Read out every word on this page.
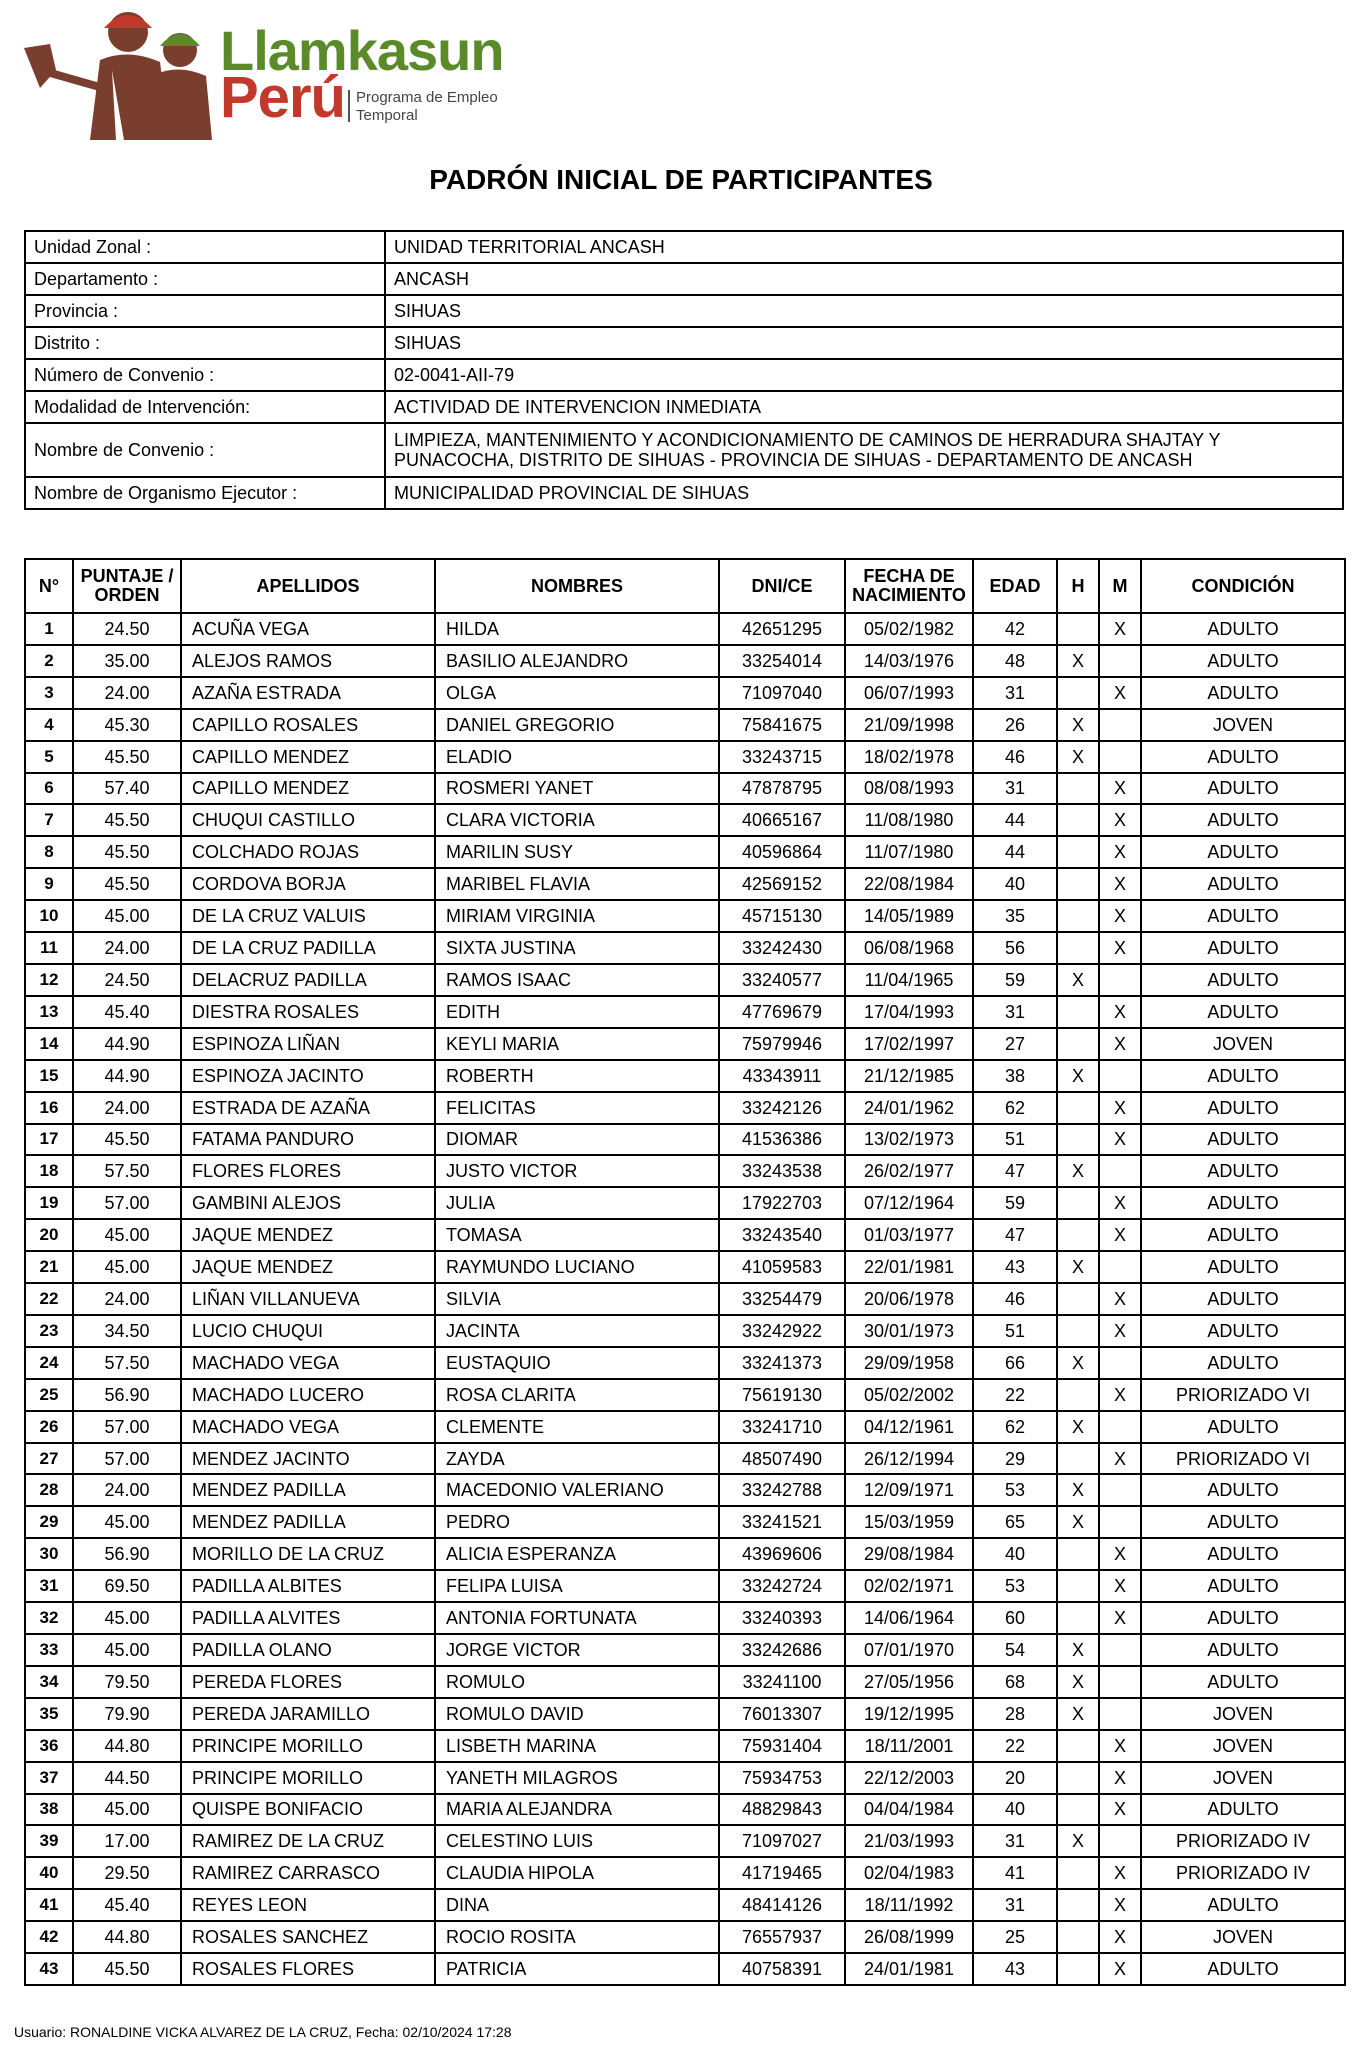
Llamkasun
Perú Programa de Empleo
Temporal
PADRÓN INICIAL DE PARTICIPANTES
Unidad Zonal :	UNIDAD TERRITORIAL ANCASH
Departamento :	ANCASH
Provincia :	SIHUAS
Distrito :	SIHUAS
Número de Convenio :	02-0041-AII-79
Modalidad de Intervención:	ACTIVIDAD DE INTERVENCION INMEDIATA
Nombre de Convenio :	LIMPIEZA, MANTENIMIENTO Y ACONDICIONAMIENTO DE CAMINOS DE HERRADURA SHAJTAY Y PUNACOCHA, DISTRITO DE SIHUAS - PROVINCIA DE SIHUAS - DEPARTAMENTO DE ANCASH
Nombre de Organismo Ejecutor :	MUNICIPALIDAD PROVINCIAL DE SIHUAS
N°	PUNTAJE / ORDEN	APELLIDOS	NOMBRES	DNI/CE	FECHA DE NACIMIENTO	EDAD	H	M	CONDICIÓN
1	24.50	ACUÑA VEGA	HILDA	42651295	05/02/1982	42		X	ADULTO
2	35.00	ALEJOS RAMOS	BASILIO ALEJANDRO	33254014	14/03/1976	48	X		ADULTO
3	24.00	AZAÑA ESTRADA	OLGA	71097040	06/07/1993	31		X	ADULTO
4	45.30	CAPILLO ROSALES	DANIEL GREGORIO	75841675	21/09/1998	26	X		JOVEN
5	45.50	CAPILLO MENDEZ	ELADIO	33243715	18/02/1978	46	X		ADULTO
6	57.40	CAPILLO MENDEZ	ROSMERI YANET	47878795	08/08/1993	31		X	ADULTO
7	45.50	CHUQUI CASTILLO	CLARA VICTORIA	40665167	11/08/1980	44		X	ADULTO
8	45.50	COLCHADO ROJAS	MARILIN SUSY	40596864	11/07/1980	44		X	ADULTO
9	45.50	CORDOVA BORJA	MARIBEL FLAVIA	42569152	22/08/1984	40		X	ADULTO
10	45.00	DE LA CRUZ VALUIS	MIRIAM VIRGINIA	45715130	14/05/1989	35		X	ADULTO
11	24.00	DE LA CRUZ PADILLA	SIXTA JUSTINA	33242430	06/08/1968	56		X	ADULTO
12	24.50	DELACRUZ PADILLA	RAMOS ISAAC	33240577	11/04/1965	59	X		ADULTO
13	45.40	DIESTRA ROSALES	EDITH	47769679	17/04/1993	31		X	ADULTO
14	44.90	ESPINOZA LIÑAN	KEYLI MARIA	75979946	17/02/1997	27		X	JOVEN
15	44.90	ESPINOZA JACINTO	ROBERTH	43343911	21/12/1985	38	X		ADULTO
16	24.00	ESTRADA DE AZAÑA	FELICITAS	33242126	24/01/1962	62		X	ADULTO
17	45.50	FATAMA PANDURO	DIOMAR	41536386	13/02/1973	51		X	ADULTO
18	57.50	FLORES FLORES	JUSTO VICTOR	33243538	26/02/1977	47	X		ADULTO
19	57.00	GAMBINI ALEJOS	JULIA	17922703	07/12/1964	59		X	ADULTO
20	45.00	JAQUE MENDEZ	TOMASA	33243540	01/03/1977	47		X	ADULTO
21	45.00	JAQUE MENDEZ	RAYMUNDO LUCIANO	41059583	22/01/1981	43	X		ADULTO
22	24.00	LIÑAN VILLANUEVA	SILVIA	33254479	20/06/1978	46		X	ADULTO
23	34.50	LUCIO CHUQUI	JACINTA	33242922	30/01/1973	51		X	ADULTO
24	57.50	MACHADO VEGA	EUSTAQUIO	33241373	29/09/1958	66	X		ADULTO
25	56.90	MACHADO LUCERO	ROSA CLARITA	75619130	05/02/2002	22		X	PRIORIZADO VI
26	57.00	MACHADO VEGA	CLEMENTE	33241710	04/12/1961	62	X		ADULTO
27	57.00	MENDEZ JACINTO	ZAYDA	48507490	26/12/1994	29		X	PRIORIZADO VI
28	24.00	MENDEZ PADILLA	MACEDONIO VALERIANO	33242788	12/09/1971	53	X		ADULTO
29	45.00	MENDEZ PADILLA	PEDRO	33241521	15/03/1959	65	X		ADULTO
30	56.90	MORILLO DE LA CRUZ	ALICIA ESPERANZA	43969606	29/08/1984	40		X	ADULTO
31	69.50	PADILLA ALBITES	FELIPA LUISA	33242724	02/02/1971	53		X	ADULTO
32	45.00	PADILLA ALVITES	ANTONIA FORTUNATA	33240393	14/06/1964	60		X	ADULTO
33	45.00	PADILLA OLANO	JORGE VICTOR	33242686	07/01/1970	54	X		ADULTO
34	79.50	PEREDA FLORES	ROMULO	33241100	27/05/1956	68	X		ADULTO
35	79.90	PEREDA JARAMILLO	ROMULO DAVID	76013307	19/12/1995	28	X		JOVEN
36	44.80	PRINCIPE MORILLO	LISBETH MARINA	75931404	18/11/2001	22		X	JOVEN
37	44.50	PRINCIPE MORILLO	YANETH MILAGROS	75934753	22/12/2003	20		X	JOVEN
38	45.00	QUISPE BONIFACIO	MARIA ALEJANDRA	48829843	04/04/1984	40		X	ADULTO
39	17.00	RAMIREZ DE LA CRUZ	CELESTINO LUIS	71097027	21/03/1993	31	X		PRIORIZADO IV
40	29.50	RAMIREZ CARRASCO	CLAUDIA HIPOLA	41719465	02/04/1983	41		X	PRIORIZADO IV
41	45.40	REYES LEON	DINA	48414126	18/11/1992	31		X	ADULTO
42	44.80	ROSALES SANCHEZ	ROCIO ROSITA	76557937	26/08/1999	25		X	JOVEN
43	45.50	ROSALES FLORES	PATRICIA	40758391	24/01/1981	43		X	ADULTO
Usuario: RONALDINE VICKA ALVAREZ DE LA CRUZ, Fecha: 02/10/2024 17:28
